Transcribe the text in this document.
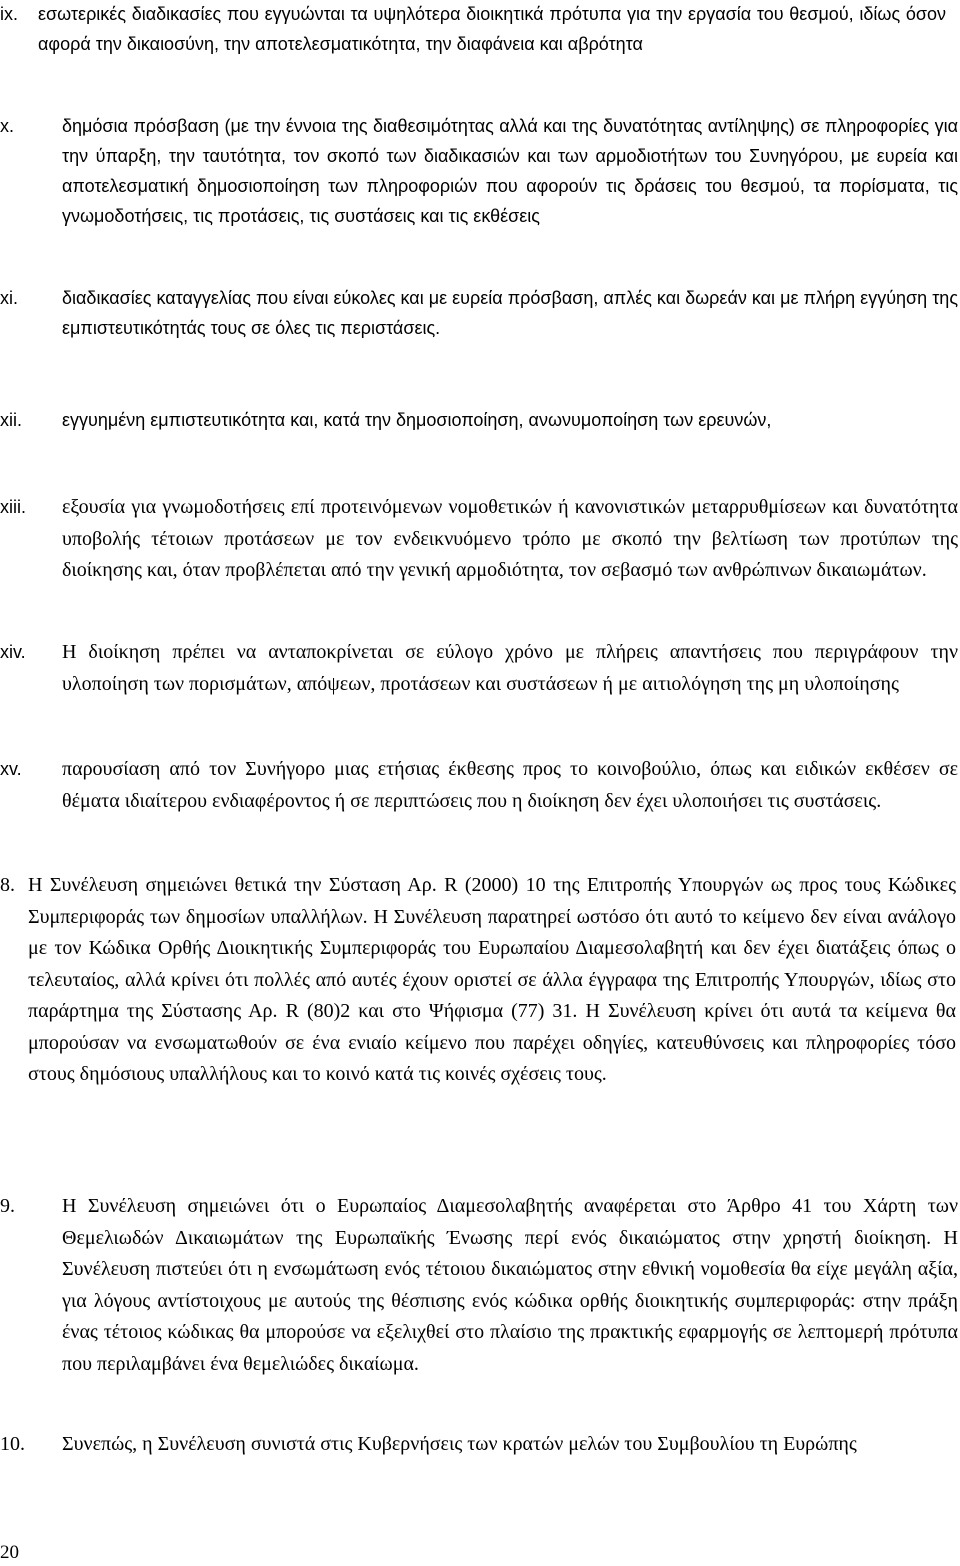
ix.	εσωτερικές διαδικασίες που εγγυώνται τα υψηλότερα διοικητικά πρότυπα για την εργασία του θεσμού, ιδίως όσον αφορά την δικαιοσύνη, την αποτελεσματικότητα, την διαφάνεια και αβρότητα
x.	δημόσια πρόσβαση (με την έννοια της διαθεσιμότητας αλλά και της δυνατότητας αντίληψης) σε πληροφορίες για την ύπαρξη, την ταυτότητα, τον σκοπό των διαδικασιών και των αρμοδιοτήτων του Συνηγόρου, με ευρεία και αποτελεσματική δημοσιοποίηση των πληροφοριών που αφορούν τις δράσεις του θεσμού, τα πορίσματα, τις γνωμοδοτήσεις, τις προτάσεις, τις συστάσεις και τις εκθέσεις
xi.	διαδικασίες καταγγελίας που είναι εύκολες και με ευρεία πρόσβαση, απλές και δωρεάν και με πλήρη εγγύηση της εμπιστευτικότητάς τους σε όλες τις περιστάσεις.
xii.	εγγυημένη εμπιστευτικότητα και, κατά την δημοσιοποίηση, ανωνυμοποίηση των ερευνών,
xiii.	εξουσία για γνωμοδοτήσεις επί προτεινόμενων νομοθετικών ή κανονιστικών μεταρρυθμίσεων και δυνατότητα υποβολής τέτοιων προτάσεων με τον ενδεικνυόμενο τρόπο με σκοπό την βελτίωση των προτύπων της διοίκησης και, όταν προβλέπεται από την γενική αρμοδιότητα, τον σεβασμό των ανθρώπινων δικαιωμάτων.
xiv.	Η διοίκηση πρέπει να ανταποκρίνεται σε εύλογο χρόνο με πλήρεις απαντήσεις που περιγράφουν την υλοποίηση των πορισμάτων, απόψεων, προτάσεων και συστάσεων ή με αιτιολόγηση της μη υλοποίησης
xv.	παρουσίαση από τον Συνήγορο μιας ετήσιας έκθεσης προς το κοινοβούλιο, όπως και ειδικών εκθέσεν σε θέματα ιδιαίτερου ενδιαφέροντος ή σε περιπτώσεις που η διοίκηση δεν έχει υλοποιήσει τις συστάσεις.
8. Η Συνέλευση σημειώνει θετικά την Σύσταση Αρ. R (2000) 10 της Επιτροπής Υπουργών ως προς τους Κώδικες Συμπεριφοράς των δημοσίων υπαλλήλων. Η Συνέλευση παρατηρεί ωστόσο ότι αυτό το κείμενο δεν είναι ανάλογο με τον Κώδικα Ορθής Διοικητικής Συμπεριφοράς του Ευρωπαίου Διαμεσολαβητή και δεν έχει διατάξεις όπως ο τελευταίος, αλλά κρίνει ότι πολλές από αυτές έχουν οριστεί σε άλλα έγγραφα της Επιτροπής Υπουργών, ιδίως στο παράρτημα της Σύστασης Αρ. R (80)2 και στο Ψήφισμα (77) 31. Η Συνέλευση κρίνει ότι αυτά τα κείμενα θα μπορούσαν να ενσωματωθούν σε ένα ενιαίο κείμενο που παρέχει οδηγίες, κατευθύνσεις και πληροφορίες τόσο στους δημόσιους υπαλλήλους και το κοινό κατά τις κοινές σχέσεις τους.
9.	Η Συνέλευση σημειώνει ότι ο Ευρωπαίος Διαμεσολαβητής αναφέρεται στο Άρθρο 41 του Χάρτη των Θεμελιωδών Δικαιωμάτων της Ευρωπαϊκής Ένωσης περί ενός δικαιώματος στην χρηστή διοίκηση. Η Συνέλευση πιστεύει ότι η ενσωμάτωση ενός τέτοιου δικαιώματος στην εθνική νομοθεσία θα είχε μεγάλη αξία, για λόγους αντίστοιχους με αυτούς της θέσπισης ενός κώδικα ορθής διοικητικής συμπεριφοράς: στην πράξη ένας τέτοιος κώδικας θα μπορούσε να εξελιχθεί στο πλαίσιο της πρακτικής εφαρμογής σε λεπτομερή πρότυπα που περιλαμβάνει ένα θεμελιώδες δικαίωμα.
10.	Συνεπώς, η Συνέλευση συνιστά στις Κυβερνήσεις των κρατών μελών του Συμβουλίου τη Ευρώπης
20
